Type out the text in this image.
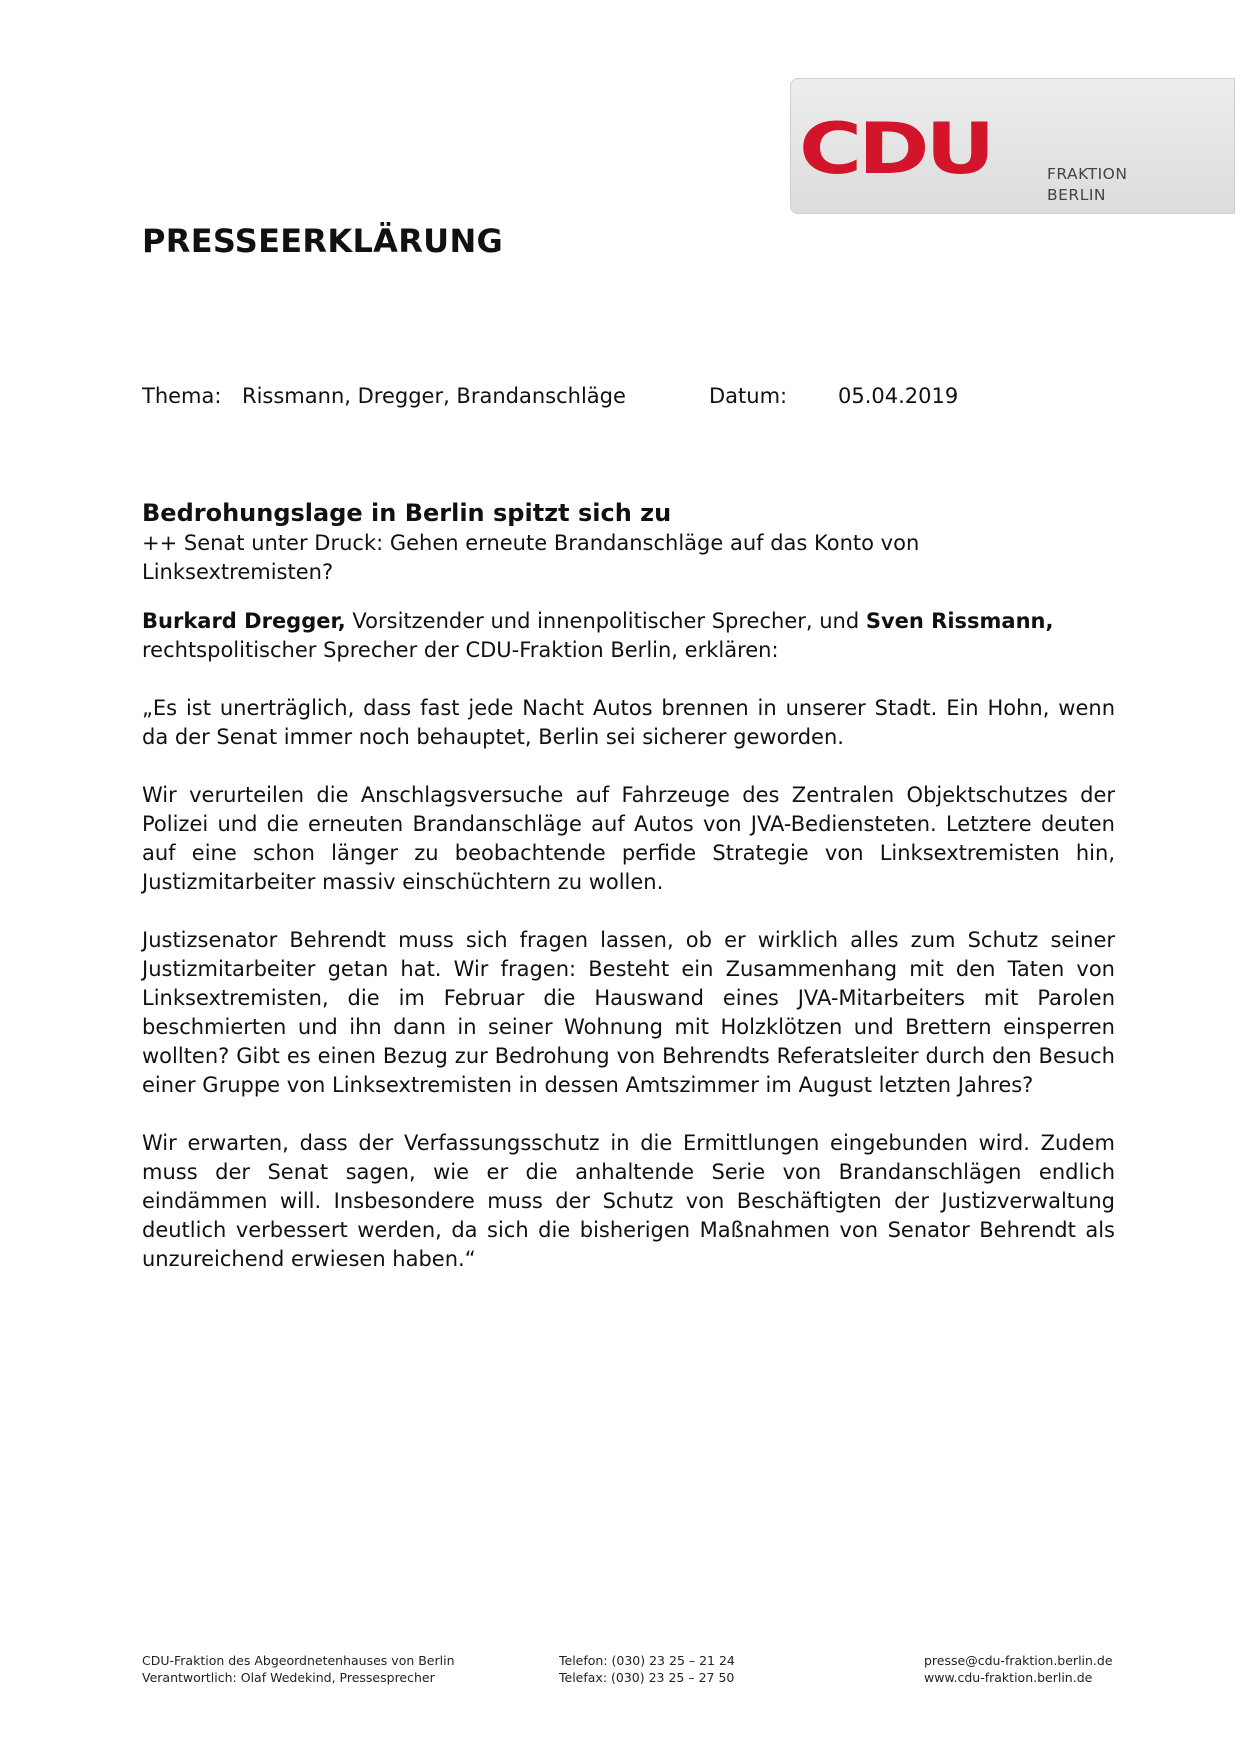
CDU	FRAKTION
BERLIN
PRESSEERKLÄRUNG
Thema: Rissmann, Dregger, Brandanschläge	Datum: 05.04.2019

Bedrohungslage in Berlin spitzt sich zu

++ Senat unter Druck: Gehen erneute Brandanschläge auf das Konto von Linksextremisten?

Burkard Dregger, Vorsitzender und innenpolitischer Sprecher, und Sven Rissmann, rechtspolitischer Sprecher der CDU-Fraktion Berlin, erklären:

„Es ist unerträglich, dass fast jede Nacht Autos brennen in unserer Stadt. Ein Hohn, wenn da der Senat immer noch behauptet, Berlin sei sicherer geworden.

Wir verurteilen die Anschlagsversuche auf Fahrzeuge des Zentralen Objektschutzes der Polizei und die erneuten Brandanschläge auf Autos von JVA-Bediensteten. Letztere deuten auf eine schon länger zu beobachtende perfide Strategie von Linksextremisten hin, Justizmitarbeiter massiv einschüchtern zu wollen.

Justizsenator Behrendt muss sich fragen lassen, ob er wirklich alles zum Schutz seiner Justizmitarbeiter getan hat. Wir fragen: Besteht ein Zusammenhang mit den Taten von Linksextremisten, die im Februar die Hauswand eines JVA-Mitarbeiters mit Parolen beschmierten und ihn dann in seiner Wohnung mit Holzklötzen und Brettern einsperren wollten? Gibt es einen Bezug zur Bedrohung von Behrendts Referatsleiter durch den Besuch einer Gruppe von Linksextremisten in dessen Amtszimmer im August letzten Jahres?

Wir erwarten, dass der Verfassungsschutz in die Ermittlungen eingebunden wird. Zudem muss der Senat sagen, wie er die anhaltende Serie von Brandanschlägen endlich eindämmen will. Insbesondere muss der Schutz von Beschäftigten der Justizverwaltung deutlich verbessert werden, da sich die bisherigen Maßnahmen von Senator Behrendt als unzureichend erwiesen haben.“

CDU-Fraktion des Abgeordnetenhauses von Berlin
Verantwortlich: Olaf Wedekind, Pressesprecher
Telefon: (030) 23 25 – 21 24
Telefax: (030) 23 25 – 27 50
presse@cdu-fraktion.berlin.de
www.cdu-fraktion.berlin.de
